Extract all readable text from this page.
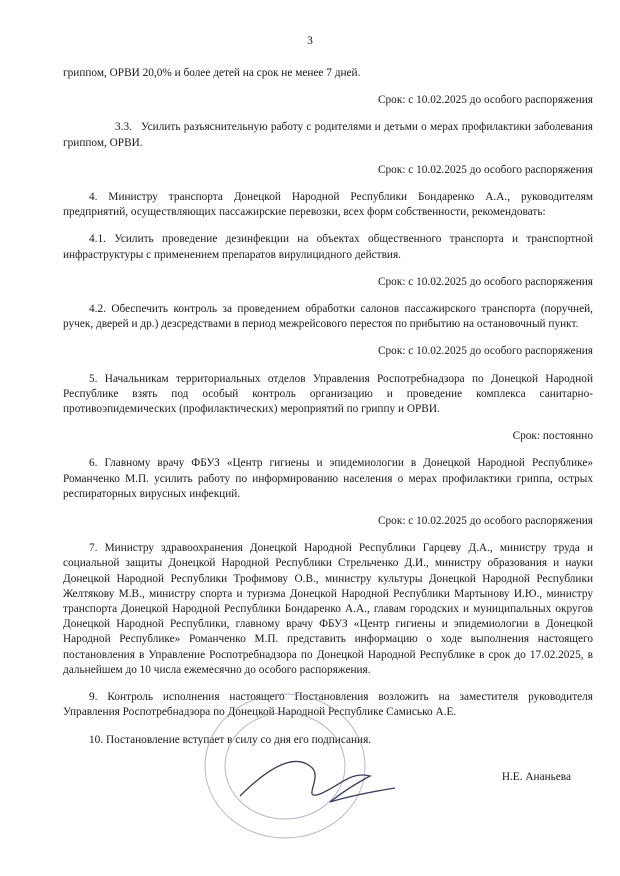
3

гриппом, ОРВИ 20,0% и более детей на срок не менее 7 дней.

Срок: с 10.02.2025 до особого распоряжения

3.3. Усилить разъяснительную работу с родителями и детьми о мерах профилактики заболевания гриппом, ОРВИ.

Срок: с 10.02.2025 до особого распоряжения

4. Министру транспорта Донецкой Народной Республики Бондаренко А.А., руководителям предприятий, осуществляющих пассажирские перевозки, всех форм собственности, рекомендовать:

4.1. Усилить проведение дезинфекции на объектах общественного транспорта и транспортной инфраструктуры с применением препаратов вирулицидного действия.

Срок: с 10.02.2025 до особого распоряжения

4.2. Обеспечить контроль за проведением обработки салонов пассажирского транспорта (поручней, ручек, дверей и др.) дезсредствами в период межрейсового перестоя по прибытию на остановочный пункт.

Срок: с 10.02.2025 до особого распоряжения

5. Начальникам территориальных отделов Управления Роспотребнадзора по Донецкой Народной Республике взять под особый контроль организацию и проведение комплекса санитарно-противоэпидемических (профилактических) мероприятий по гриппу и ОРВИ.

Срок: постоянно

6. Главному врачу ФБУЗ «Центр гигиены и эпидемиологии в Донецкой Народной Республике» Романченко М.П. усилить работу по информированию населения о мерах профилактики гриппа, острых респираторных вирусных инфекций.

Срок: с 10.02.2025 до особого распоряжения

7. Министру здравоохранения Донецкой Народной Республики Гарцеву Д.А., министру труда и социальной защиты Донецкой Народной Республики Стрельченко Д.И., министру образования и науки Донецкой Народной Республики Трофимову О.В., министру культуры Донецкой Народной Республики Желтякову М.В., министру спорта и туризма Донецкой Народной Республики Мартынову И.Ю., министру транспорта Донецкой Народной Республики Бондаренко А.А., главам городских и муниципальных округов Донецкой Народной Республики, главному врачу ФБУЗ «Центр гигиены и эпидемиологии в Донецкой Народной Республике» Романченко М.П. представить информацию о ходе выполнения настоящего постановления в Управление Роспотребнадзора по Донецкой Народной Республике в срок до 17.02.2025, в дальнейшем до 10 числа ежемесячно до особого распоряжения.

9. Контроль исполнения настоящего Постановления возложить на заместителя руководителя Управления Роспотребнадзора по Донецкой Народной Республике Самисько А.Е.

10. Постановление вступает в силу со дня его подписания.

Н.Е. Ананьева
